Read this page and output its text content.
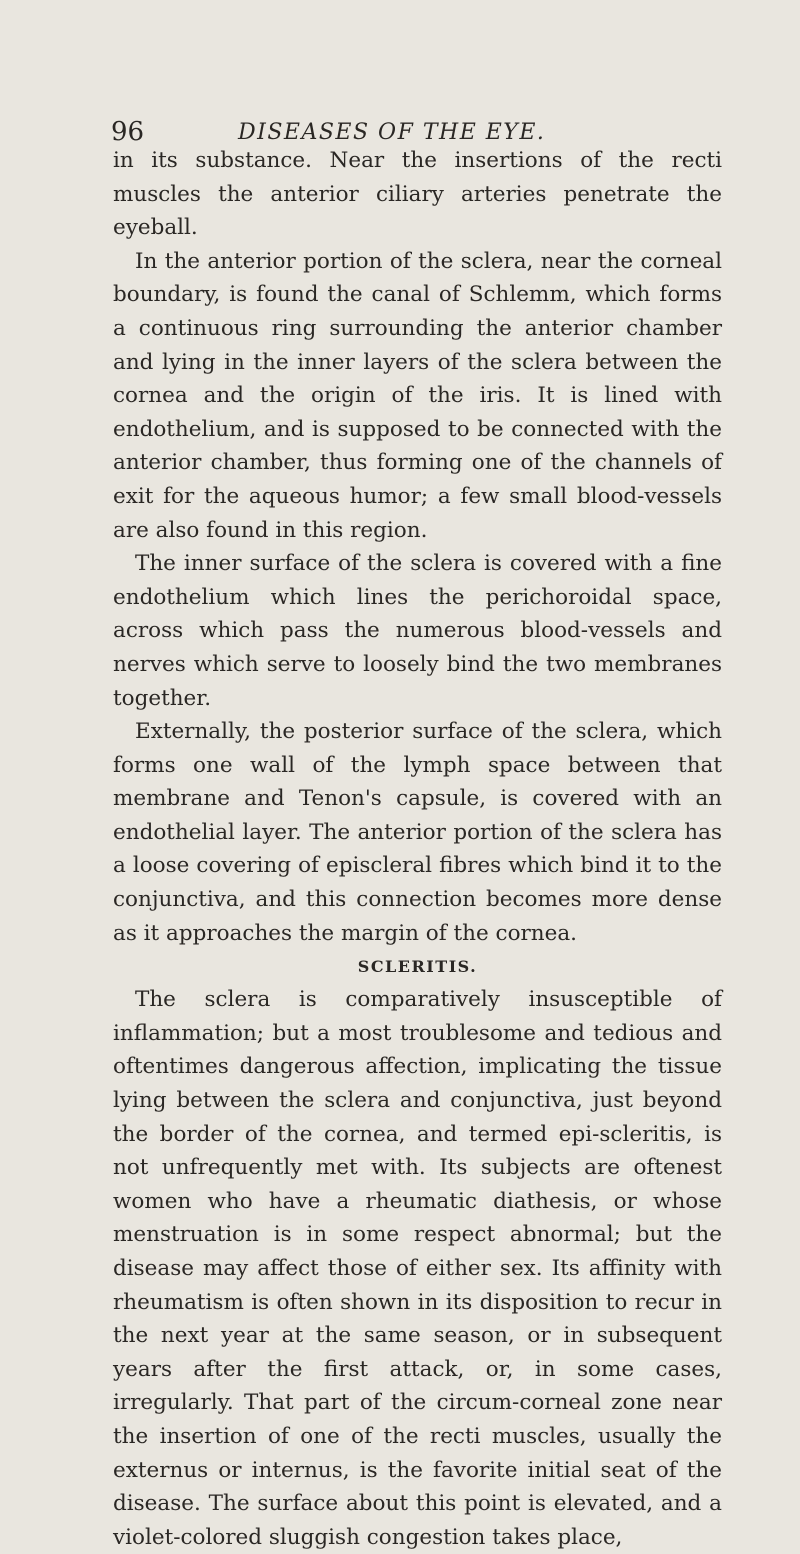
96	DISEASES OF THE EYE.

in its substance. Near the insertions of the recti muscles the anterior ciliary arteries penetrate the eyeball.

In the anterior portion of the sclera, near the corneal boundary, is found the canal of Schlemm, which forms a continuous ring surrounding the anterior chamber and lying in the inner layers of the sclera between the cornea and the origin of the iris. It is lined with endothelium, and is supposed to be connected with the anterior chamber, thus forming one of the channels of exit for the aqueous humor; a few small blood-vessels are also found in this region.

The inner surface of the sclera is covered with a fine endothelium which lines the perichoroidal space, across which pass the numerous blood-vessels and nerves which serve to loosely bind the two membranes together.

Externally, the posterior surface of the sclera, which forms one wall of the lymph space between that membrane and Tenon's capsule, is covered with an endothelial layer. The anterior portion of the sclera has a loose covering of episcleral fibres which bind it to the conjunctiva, and this connection becomes more dense as it approaches the margin of the cornea.

SCLERITIS.

The sclera is comparatively insusceptible of inflammation; but a most troublesome and tedious and oftentimes dangerous affection, implicating the tissue lying between the sclera and conjunctiva, just beyond the border of the cornea, and termed epi-scleritis, is not unfrequently met with. Its subjects are oftenest women who have a rheumatic diathesis, or whose menstruation is in some respect abnormal; but the disease may affect those of either sex. Its affinity with rheumatism is often shown in its disposition to recur in the next year at the same season, or in subsequent years after the first attack, or, in some cases, irregularly. That part of the circum-corneal zone near the insertion of one of the recti muscles, usually the externus or internus, is the favorite initial seat of the disease. The surface about this point is elevated, and a violet-colored sluggish congestion takes place,
